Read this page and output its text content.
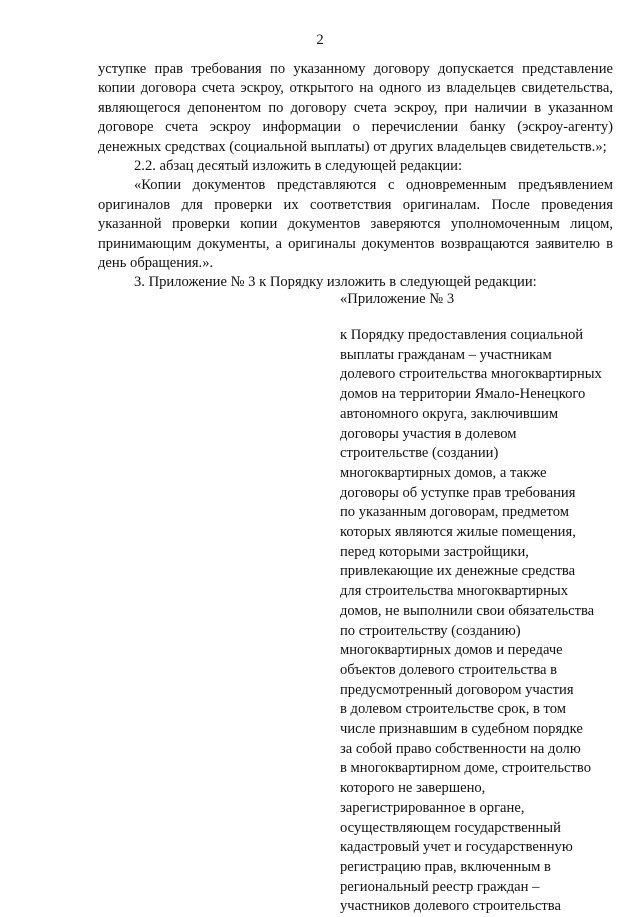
2

уступке прав требования по указанному договору допускается представление копии договора счета эскроу, открытого на одного из владельцев свидетельства, являющегося депонентом по договору счета эскроу, при наличии в указанном договоре счета эскроу информации о перечислении банку (эскроу-агенту) денежных средствах (социальной выплаты) от других владельцев свидетельств.»;

2.2. абзац десятый изложить в следующей редакции:

«Копии документов представляются с одновременным предъявлением оригиналов для проверки их соответствия оригиналам. После проведения указанной проверки копии документов заверяются уполномоченным лицом, принимающим документы, а оригиналы документов возвращаются заявителю в день обращения.».

3. Приложение № 3 к Порядку изложить в следующей редакции:

«Приложение № 3
к Порядку предоставления социальной
выплаты гражданам – участникам
долевого строительства многоквартирных
домов на территории Ямало-Ненецкого
автономного округа, заключившим
договоры участия в долевом
строительстве (создании)
многоквартирных домов, а также
договоры об уступке прав требования
по указанным договорам, предметом
которых являются жилые помещения,
перед которыми застройщики,
привлекающие их денежные средства
для строительства многоквартирных
домов, не выполнили свои обязательства
по строительству (созданию)
многоквартирных домов и передаче
объектов долевого строительства в
предусмотренный договором участия
в долевом строительстве срок, в том
числе признавшим в судебном порядке
за собой право собственности на долю
в многоквартирном доме, строительство
которого не завершено,
зарегистрированное в органе,
осуществляющем государственный
кадастровый учет и государственную
регистрацию прав, включенным в
региональный реестр граждан –
участников долевого строительства
